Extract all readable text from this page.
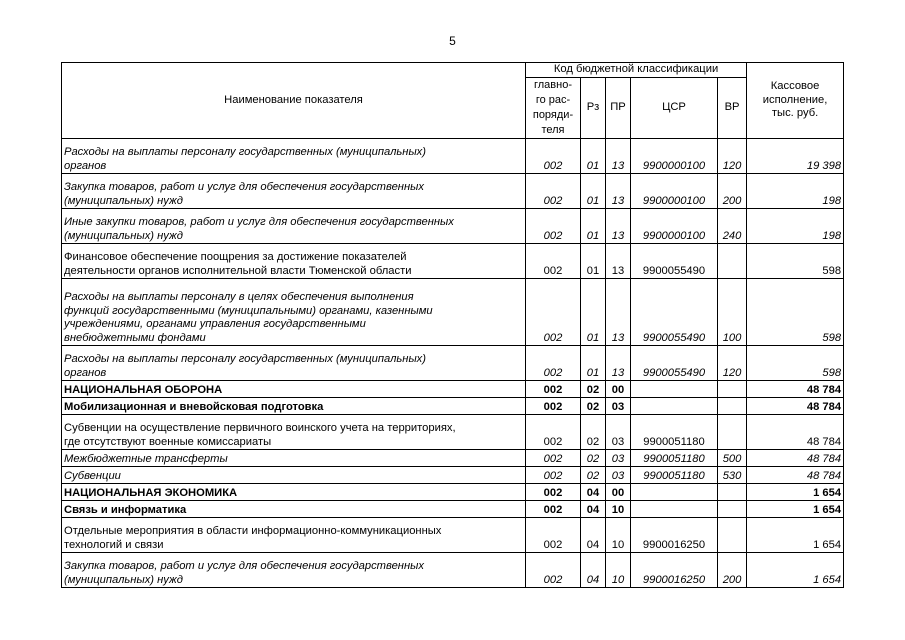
5
Наименование показателя	Код бюджетной классификации					Кассовое
исполнение,
тыс. руб.
	главно-
го рас-
поряди-
теля	Рз	ПР	ЦСР	ВР	

Расходы на выплаты персоналу государственных (муниципальных)
органов	002	01	13	9900000100	120	19 398

Закупка товаров, работ и услуг для обеспечения государственных
(муниципальных) нужд	002	01	13	9900000100	200	198

Иные закупки товаров, работ и услуг для обеспечения государственных
(муниципальных) нужд	002	01	13	9900000100	240	198

Финансовое обеспечение поощрения за достижение показателей
деятельности органов исполнительной власти Тюменской области	002	01	13	9900055490		598

Расходы на выплаты персоналу в целях обеспечения выполнения
функций государственными (муниципальными) органами, казенными
учреждениями, органами управления государственными
внебюджетными фондами	002	01	13	9900055490	100	598

Расходы на выплаты персоналу государственных (муниципальных)
органов	002	01	13	9900055490	120	598

НАЦИОНАЛЬНАЯ ОБОРОНА	002	02	00			48 784

Мобилизационная и вневойсковая подготовка	002	02	03			48 784

Субвенции на осуществление первичного воинского учета на территориях,
где отсутствуют военные комиссариаты	002	02	03	9900051180		48 784

Межбюджетные трансферты	002	02	03	9900051180	500	48 784

Субвенции	002	02	03	9900051180	530	48 784

НАЦИОНАЛЬНАЯ ЭКОНОМИКА	002	04	00			1 654

Связь и информатика	002	04	10			1 654

Отдельные мероприятия в области информационно-коммуникационных
технологий и связи	002	04	10	9900016250		1 654

Закупка товаров, работ и услуг для обеспечения государственных
(муниципальных) нужд	002	04	10	9900016250	200	1 654
